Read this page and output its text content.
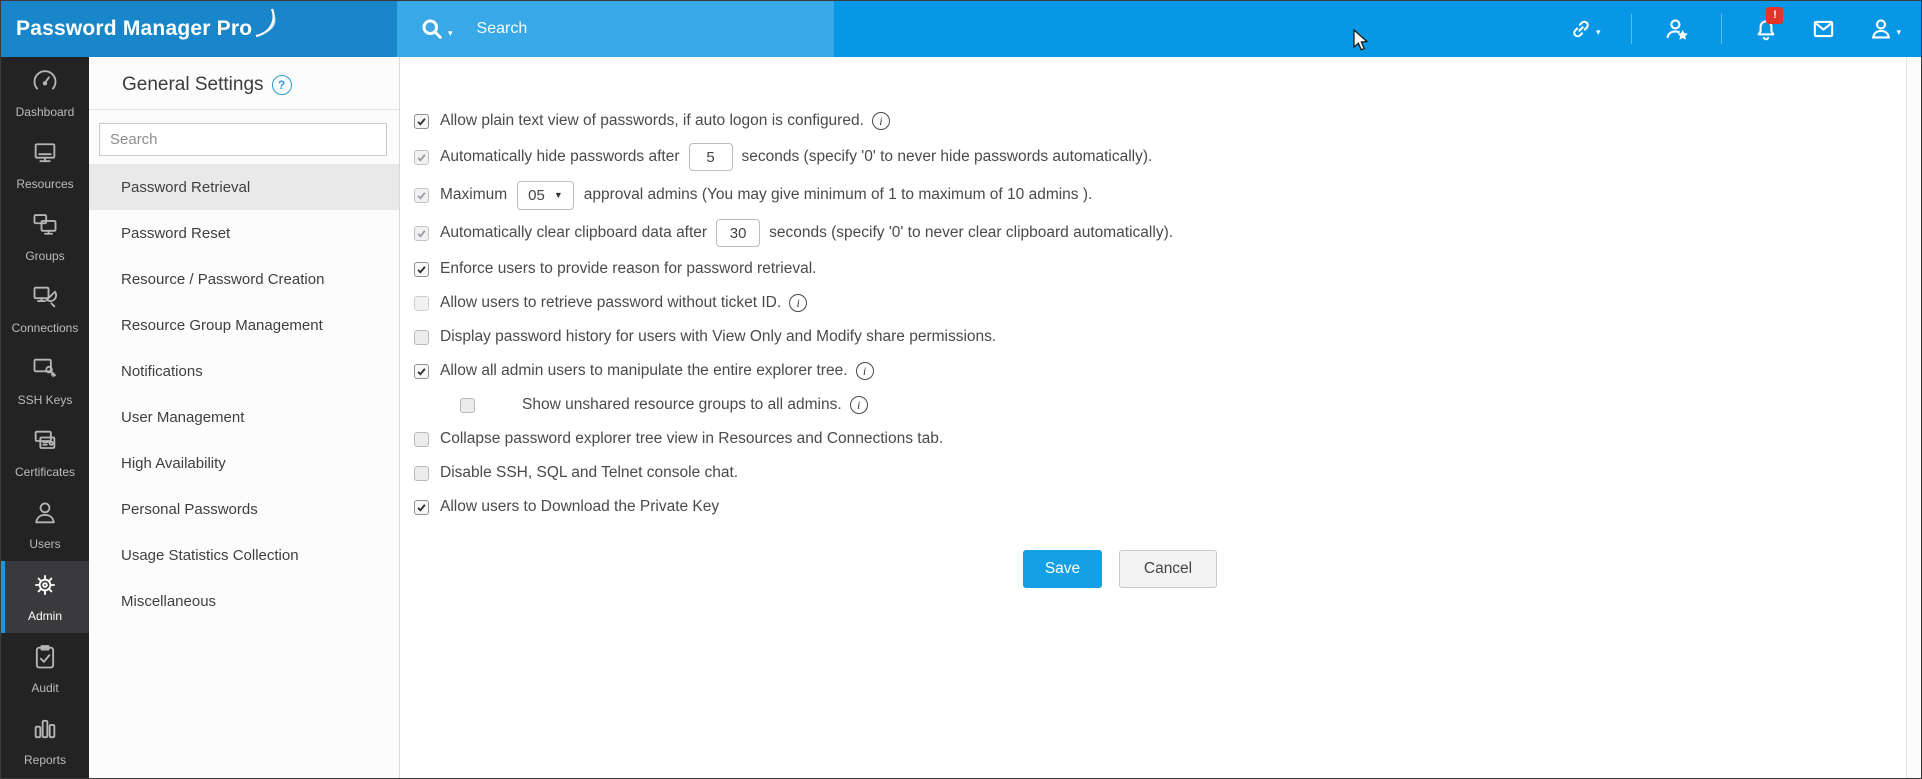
Password Manager Pro	▾
Search	▾
!
▾
Dashboard
Resources
Groups
Connections
SSH Keys
Certificates
Users
Admin
Audit
Reports
General Settings	?
Search
Password Retrieval
Password Reset
Resource / Password Creation
Resource Group Management
Notifications
User Management
High Availability
Personal Passwords
Usage Statistics Collection
Miscellaneous
Allow plain text view of passwords, if auto logon is configured.	i
Automatically hide passwords after
5	seconds (specify '0' to never hide passwords automatically).
Maximum 05 ▼ approval admins (You may give minimum of 1 to maximum of 10 admins ).
Automatically clear clipboard data after
30	seconds (specify '0' to never clear clipboard automatically).
Enforce users to provide reason for password retrieval.
Allow users to retrieve password without ticket ID.	i
Display password history for users with View Only and Modify share permissions.
Allow all admin users to manipulate the entire explorer tree.	i
Show unshared resource groups to all admins.	i
Collapse password explorer tree view in Resources and Connections tab.
Disable SSH, SQL and Telnet console chat.
Allow users to Download the Private Key
Save	Cancel
